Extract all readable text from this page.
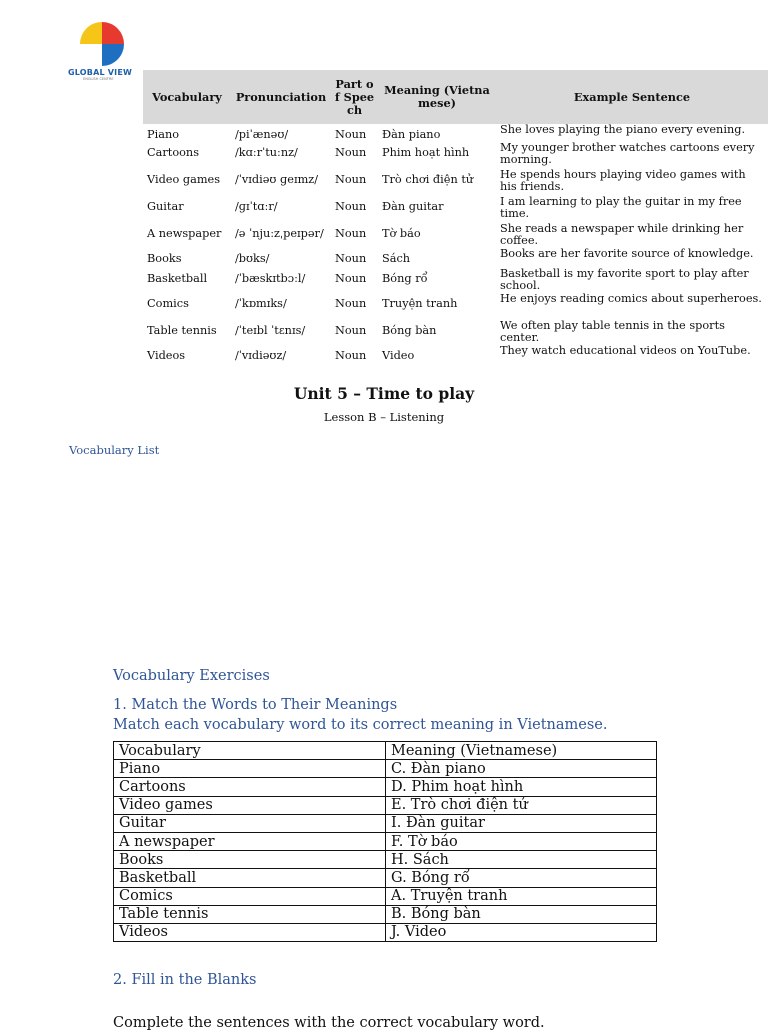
GLOBAL VIEW
ENGLISH CENTRE
Vocabulary	Pronunciation	Part of Speech	Meaning (Vietnamese)	Example Sentence
Piano	/piˈænəʊ/	Noun	Đàn piano	She loves playing the piano every evening.
Cartoons	/kɑːrˈtuːnz/	Noun	Phim hoạt hình	My younger brother watches cartoons every morning.
Video games	/ˈvɪdiəʊ ɡeɪmz/	Noun	Trò chơi điện tử	He spends hours playing video games with his friends.
Guitar	/ɡɪˈtɑːr/	Noun	Đàn guitar	I am learning to play the guitar in my free time.
A newspaper	/ə ˈnjuːzˌpeɪpər/	Noun	Tờ báo	She reads a newspaper while drinking her coffee.
Books	/bʊks/	Noun	Sách	Books are her favorite source of knowledge.
Basketball	/ˈbæskɪtbɔːl/	Noun	Bóng rổ	Basketball is my favorite sport to play after school.
Comics	/ˈkɒmɪks/	Noun	Truyện tranh	He enjoys reading comics about superheroes.
Table tennis	/ˈteɪbl ˈtɛnɪs/	Noun	Bóng bàn	We often play table tennis in the sports center.
Videos	/ˈvɪdiəʊz/	Noun	Video	They watch educational videos on YouTube.
Unit 5 – Time to play
Lesson B – Listening
Vocabulary List
Vocabulary Exercises
1. Match the Words to Their Meanings
Match each vocabulary word to its correct meaning in Vietnamese.
Vocabulary	Meaning (Vietnamese)
Piano	C. Đàn piano
Cartoons	D. Phim hoạt hình
Video games	E. Trò chơi điện tử
Guitar	I. Đàn guitar
A newspaper	F. Tờ báo
Books	H. Sách
Basketball	G. Bóng rổ
Comics	A. Truyện tranh
Table tennis	B. Bóng bàn
Videos	J. Video
2. Fill in the Blanks
Complete the sentences with the correct vocabulary word.
